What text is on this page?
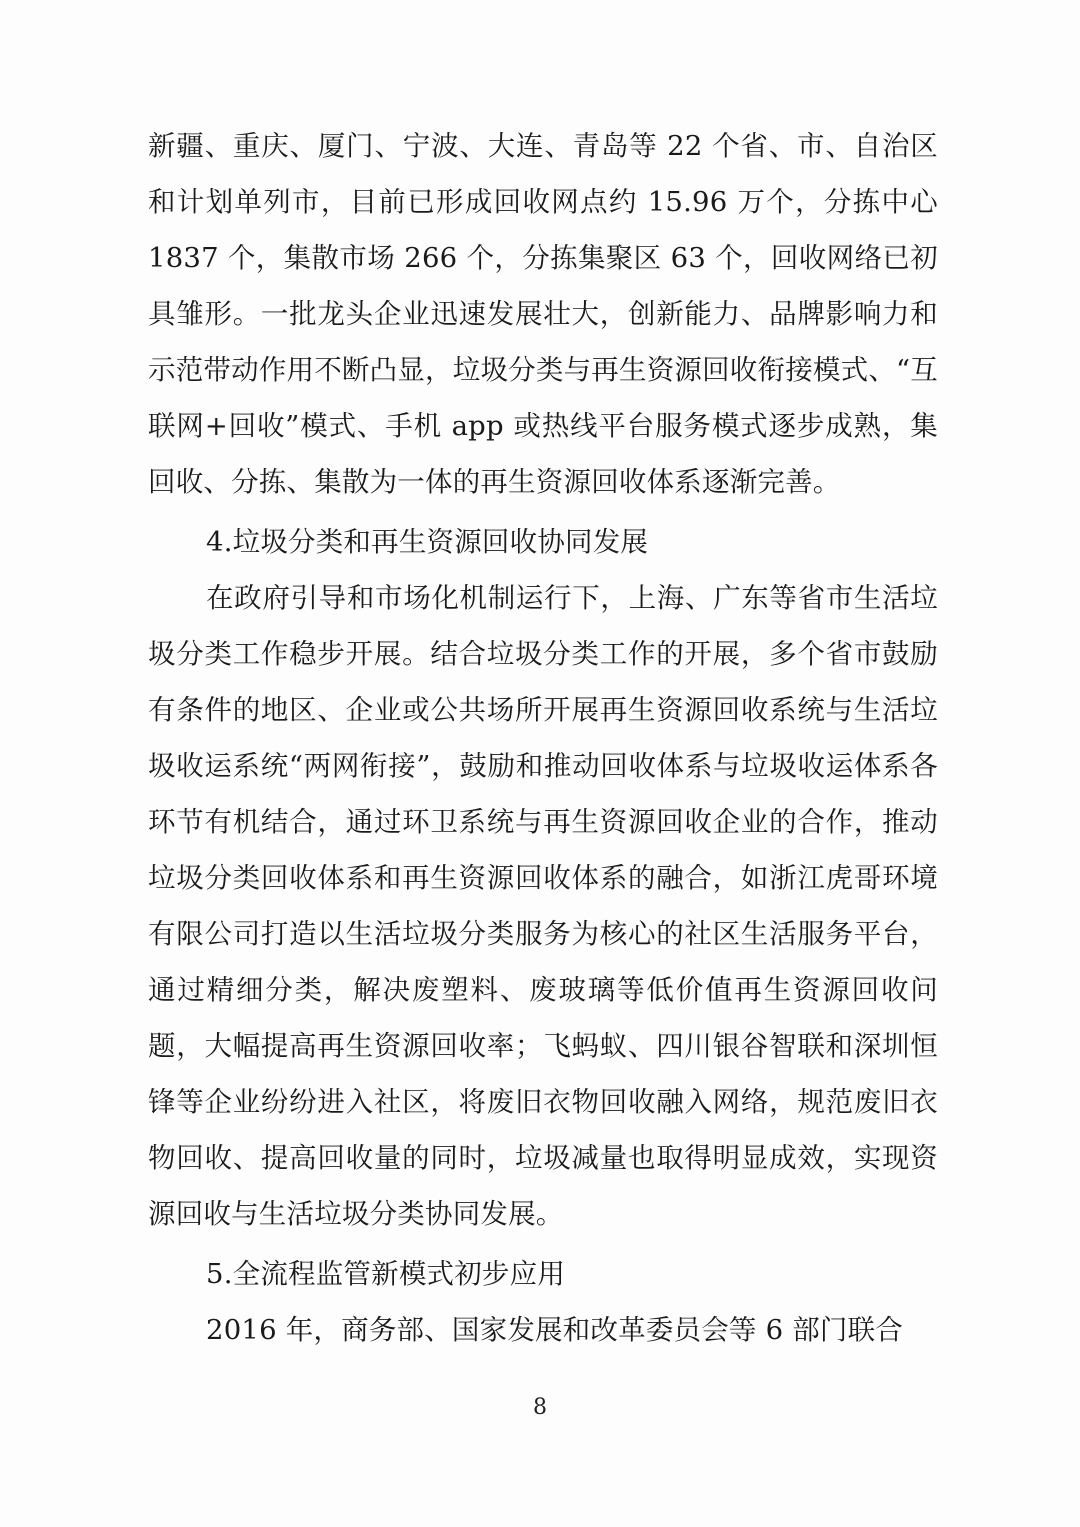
新疆、重庆、厦门、宁波、大连、青岛等 22 个省、市、自治区和计划单列市，目前已形成回收网点约 15.96 万个，分拣中心 1837 个，集散市场 266 个，分拣集聚区 63 个，回收网络已初具雏形。一批龙头企业迅速发展壮大，创新能力、品牌影响力和示范带动作用不断凸显，垃圾分类与再生资源回收衔接模式、“互联网+回收”模式、手机 app 或热线平台服务模式逐步成熟，集回收、分拣、集散为一体的再生资源回收体系逐渐完善。

4.垃圾分类和再生资源回收协同发展

在政府引导和市场化机制运行下，上海、广东等省市生活垃圾分类工作稳步开展。结合垃圾分类工作的开展，多个省市鼓励有条件的地区、企业或公共场所开展再生资源回收系统与生活垃圾收运系统“两网衔接”，鼓励和推动回收体系与垃圾收运体系各环节有机结合，通过环卫系统与再生资源回收企业的合作，推动垃圾分类回收体系和再生资源回收体系的融合，如浙江虎哥环境有限公司打造以生活垃圾分类服务为核心的社区生活服务平台，通过精细分类，解决废塑料、废玻璃等低价值再生资源回收问题，大幅提高再生资源回收率；飞蚂蚁、四川银谷智联和深圳恒锋等企业纷纷进入社区，将废旧衣物回收融入网络，规范废旧衣物回收、提高回收量的同时，垃圾减量也取得明显成效，实现资源回收与生活垃圾分类协同发展。

5.全流程监管新模式初步应用

2016 年，商务部、国家发展和改革委员会等 6 部门联合

8
